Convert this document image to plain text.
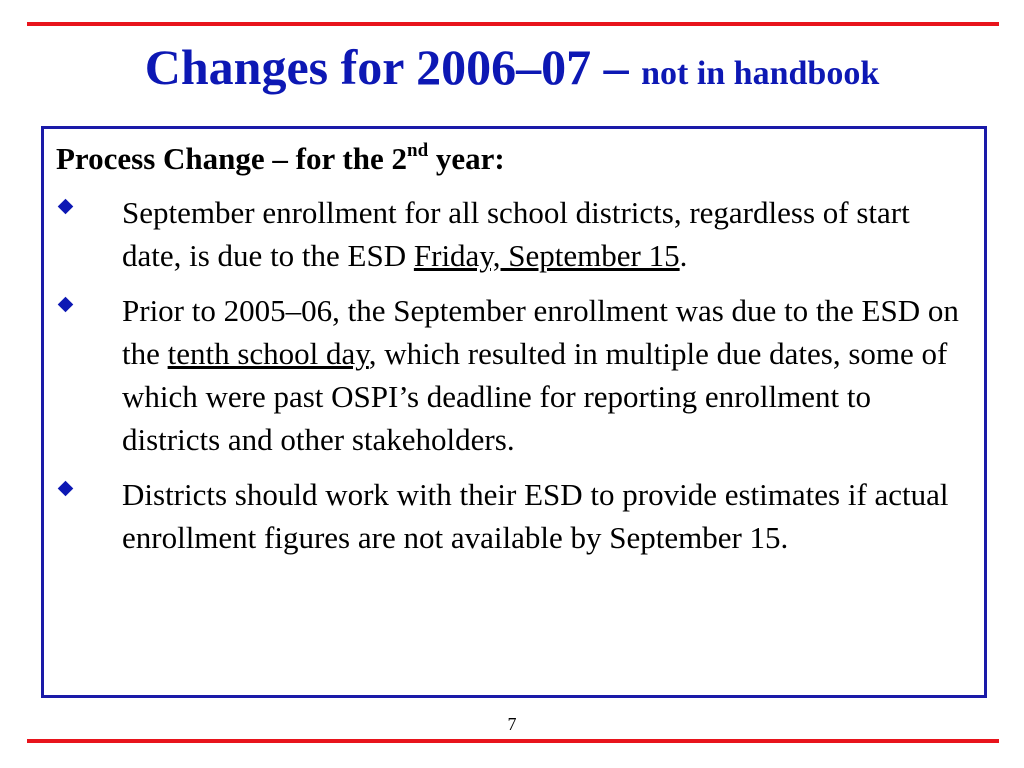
Changes for 2006–07 – not in handbook
Process Change – for the 2nd year:
September enrollment for all school districts, regardless of start date, is due to the ESD Friday, September 15.
Prior to 2005–06, the September enrollment was due to the ESD on the tenth school day, which resulted in multiple due dates, some of which were past OSPI’s deadline for reporting enrollment to districts and other stakeholders.
Districts should work with their ESD to provide estimates if actual enrollment figures are not available by September 15.
7
